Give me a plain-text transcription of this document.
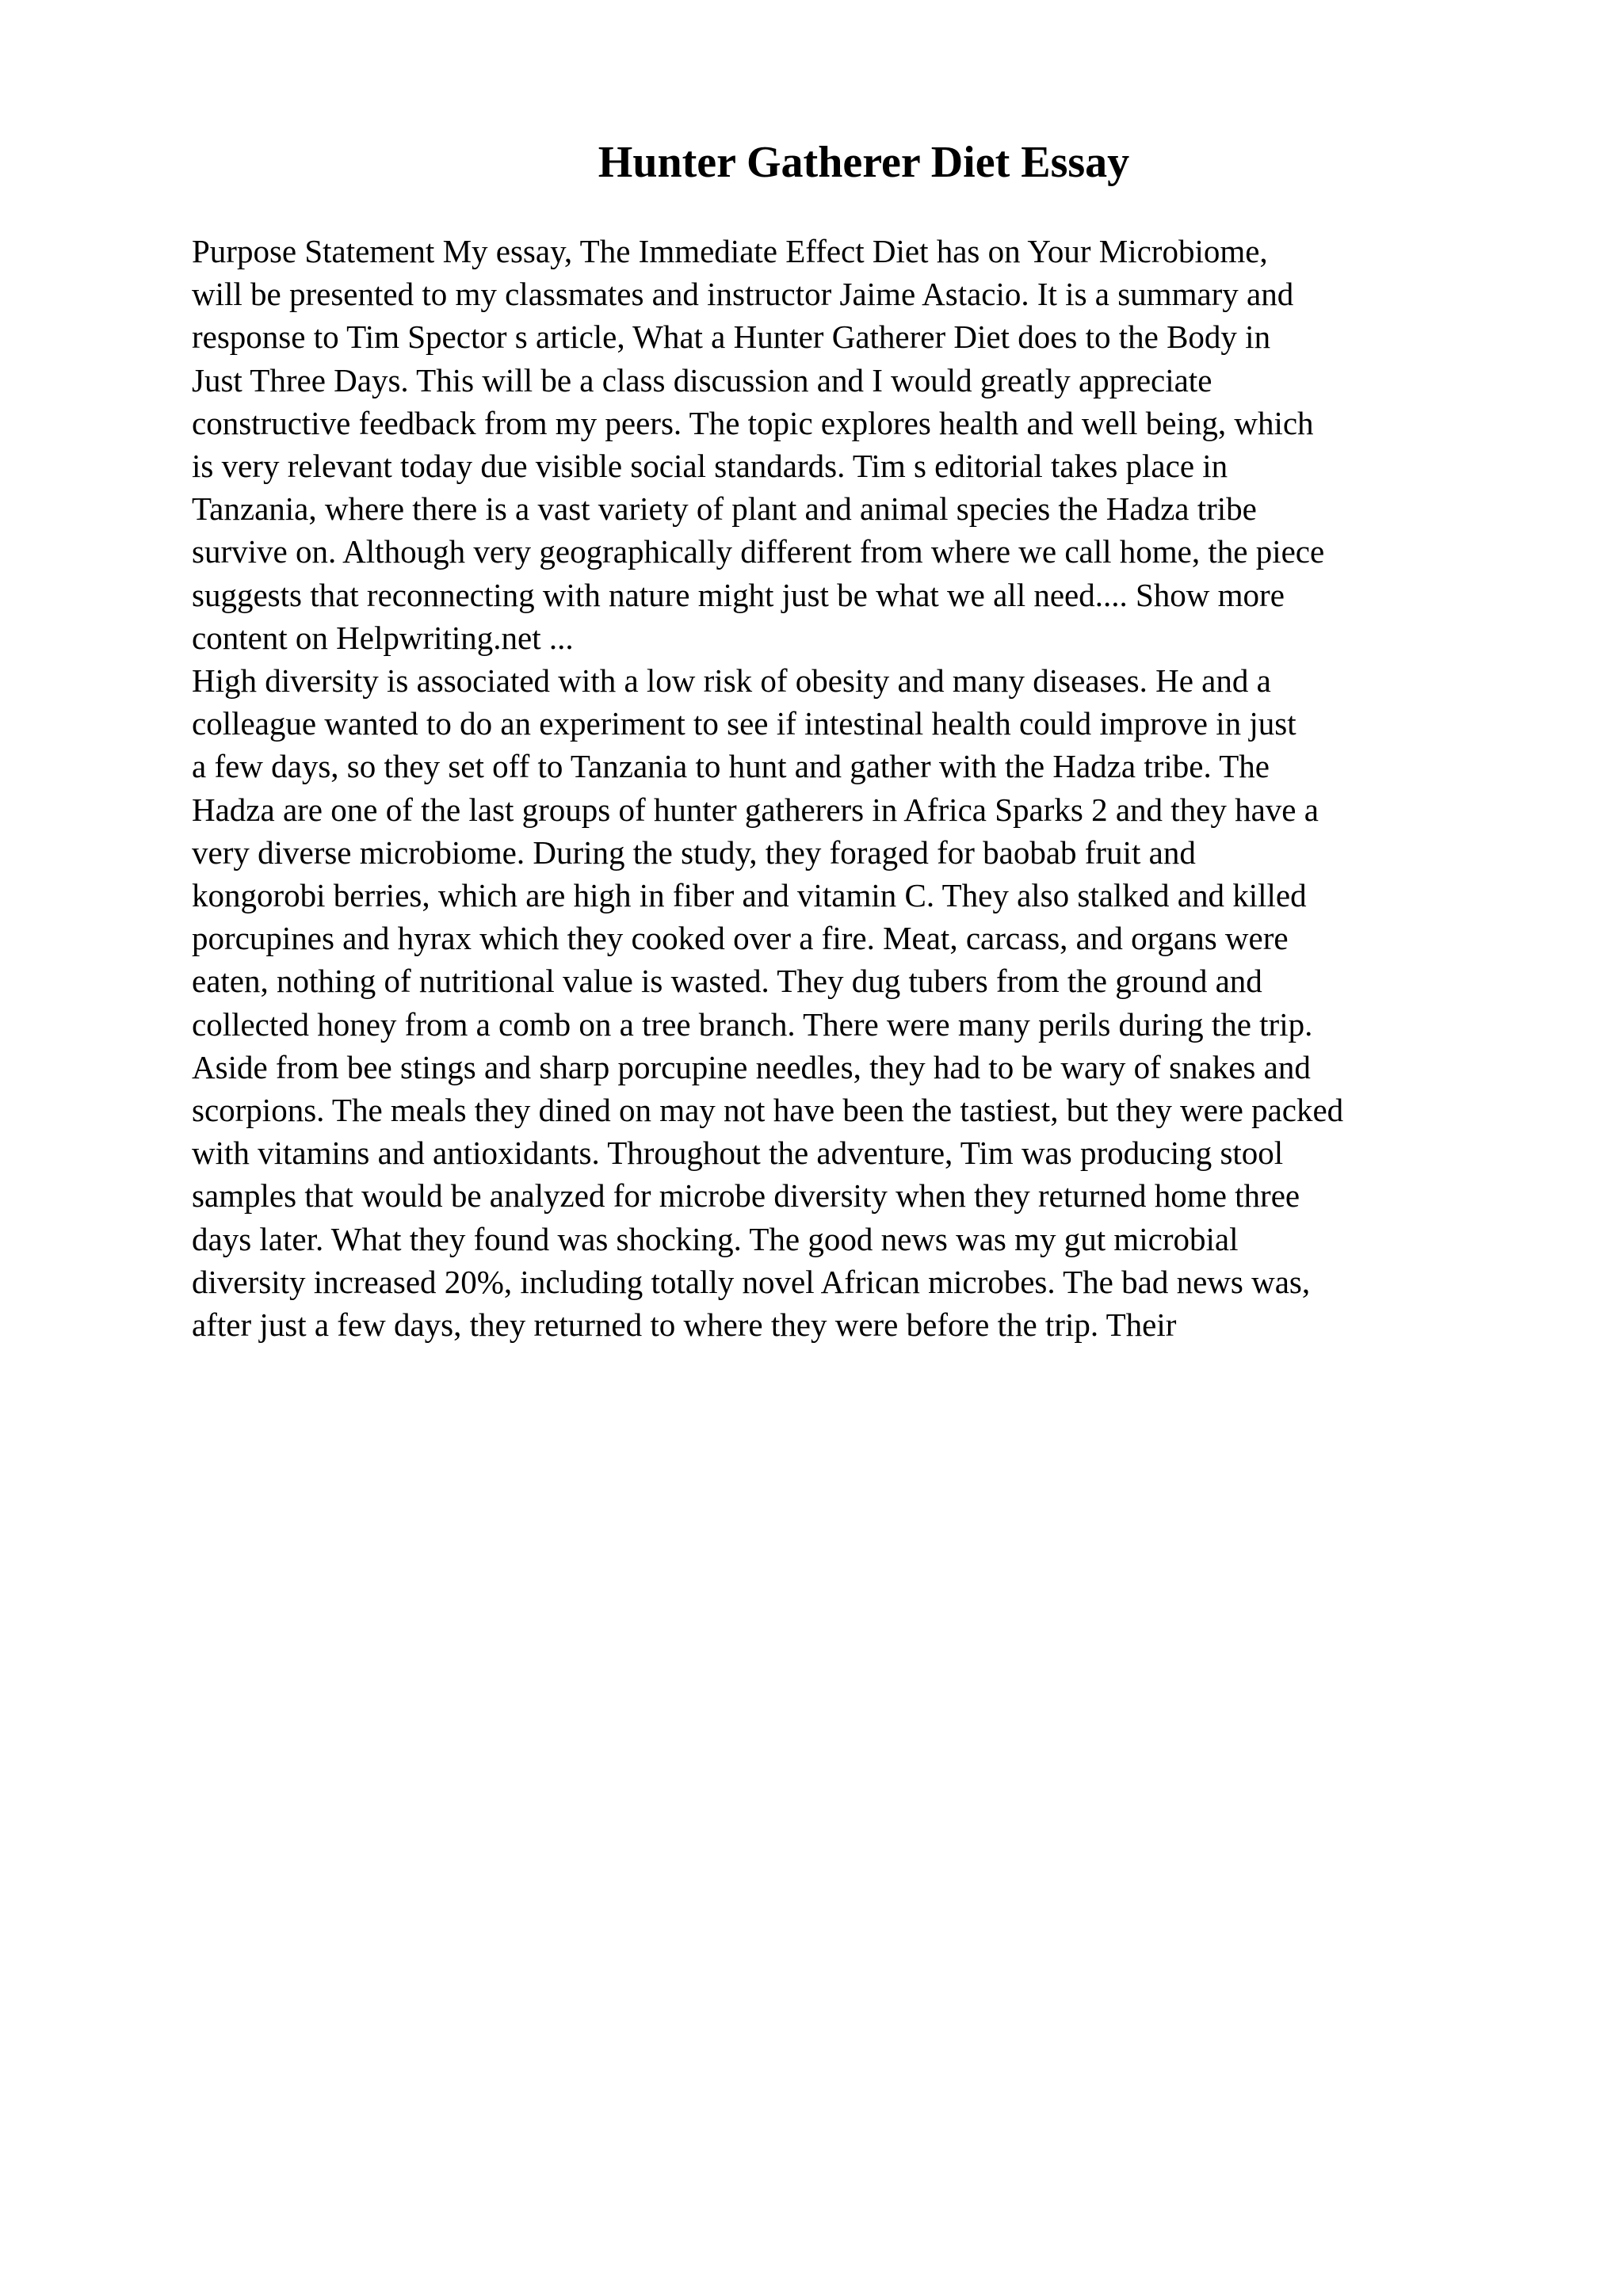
Hunter Gatherer Diet Essay

Purpose Statement My essay, The Immediate Effect Diet has on Your Microbiome,
will be presented to my classmates and instructor Jaime Astacio. It is a summary and
response to Tim Spector s article, What a Hunter Gatherer Diet does to the Body in
Just Three Days. This will be a class discussion and I would greatly appreciate
constructive feedback from my peers. The topic explores health and well being, which
is very relevant today due visible social standards. Tim s editorial takes place in
Tanzania, where there is a vast variety of plant and animal species the Hadza tribe
survive on. Although very geographically different from where we call home, the piece
suggests that reconnecting with nature might just be what we all need.... Show more
content on Helpwriting.net ...

High diversity is associated with a low risk of obesity and many diseases. He and a
colleague wanted to do an experiment to see if intestinal health could improve in just
a few days, so they set off to Tanzania to hunt and gather with the Hadza tribe. The
Hadza are one of the last groups of hunter gatherers in Africa Sparks 2 and they have a
very diverse microbiome. During the study, they foraged for baobab fruit and
kongorobi berries, which are high in fiber and vitamin C. They also stalked and killed
porcupines and hyrax which they cooked over a fire. Meat, carcass, and organs were
eaten, nothing of nutritional value is wasted. They dug tubers from the ground and
collected honey from a comb on a tree branch. There were many perils during the trip.
Aside from bee stings and sharp porcupine needles, they had to be wary of snakes and
scorpions. The meals they dined on may not have been the tastiest, but they were packed
with vitamins and antioxidants. Throughout the adventure, Tim was producing stool
samples that would be analyzed for microbe diversity when they returned home three
days later. What they found was shocking. The good news was my gut microbial
diversity increased 20%, including totally novel African microbes. The bad news was,
after just a few days, they returned to where they were before the trip. Their
